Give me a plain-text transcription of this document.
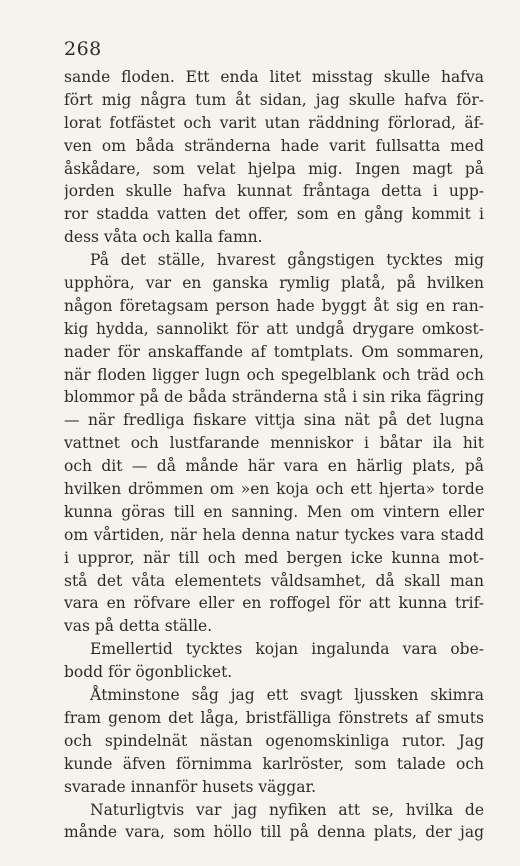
268
sande floden. Ett enda litet misstag skulle hafva
fört mig några tum åt sidan, jag skulle hafva för-
lorat fotfästet och varit utan räddning förlorad, äf-
ven om båda stränderna hade varit fullsatta med
åskådare, som velat hjelpa mig. Ingen magt på
jorden skulle hafva kunnat fråntaga detta i upp-
ror stadda vatten det offer, som en gång kommit i
dess våta och kalla famn.
På det ställe, hvarest gångstigen tycktes mig
upphöra, var en ganska rymlig platå, på hvilken
någon företagsam person hade byggt åt sig en ran-
kig hydda, sannolikt för att undgå drygare omkost-
nader för anskaffande af tomtplats. Om sommaren,
när floden ligger lugn och spegelblank och träd och
blommor på de båda stränderna stå i sin rika fägring
— när fredliga fiskare vittja sina nät på det lugna
vattnet och lustfarande menniskor i båtar ila hit
och dit — då månde här vara en härlig plats, på
hvilken drömmen om »en koja och ett hjerta» torde
kunna göras till en sanning. Men om vintern eller
om vårtiden, när hela denna natur tyckes vara stadd
i uppror, när till och med bergen icke kunna mot-
stå det våta elementets våldsamhet, då skall man
vara en röfvare eller en roffogel för att kunna trif-
vas på detta ställe.
Emellertid tycktes kojan ingalunda vara obe-
bodd för ögonblicket.
Åtminstone såg jag ett svagt ljussken skimra
fram genom det låga, bristfälliga fönstrets af smuts
och spindelnät nästan ogenomskinliga rutor. Jag
kunde äfven förnimma karlröster, som talade och
svarade innanför husets väggar.
Naturligtvis var jag nyfiken att se, hvilka de
månde vara, som höllo till på denna plats, der jag
